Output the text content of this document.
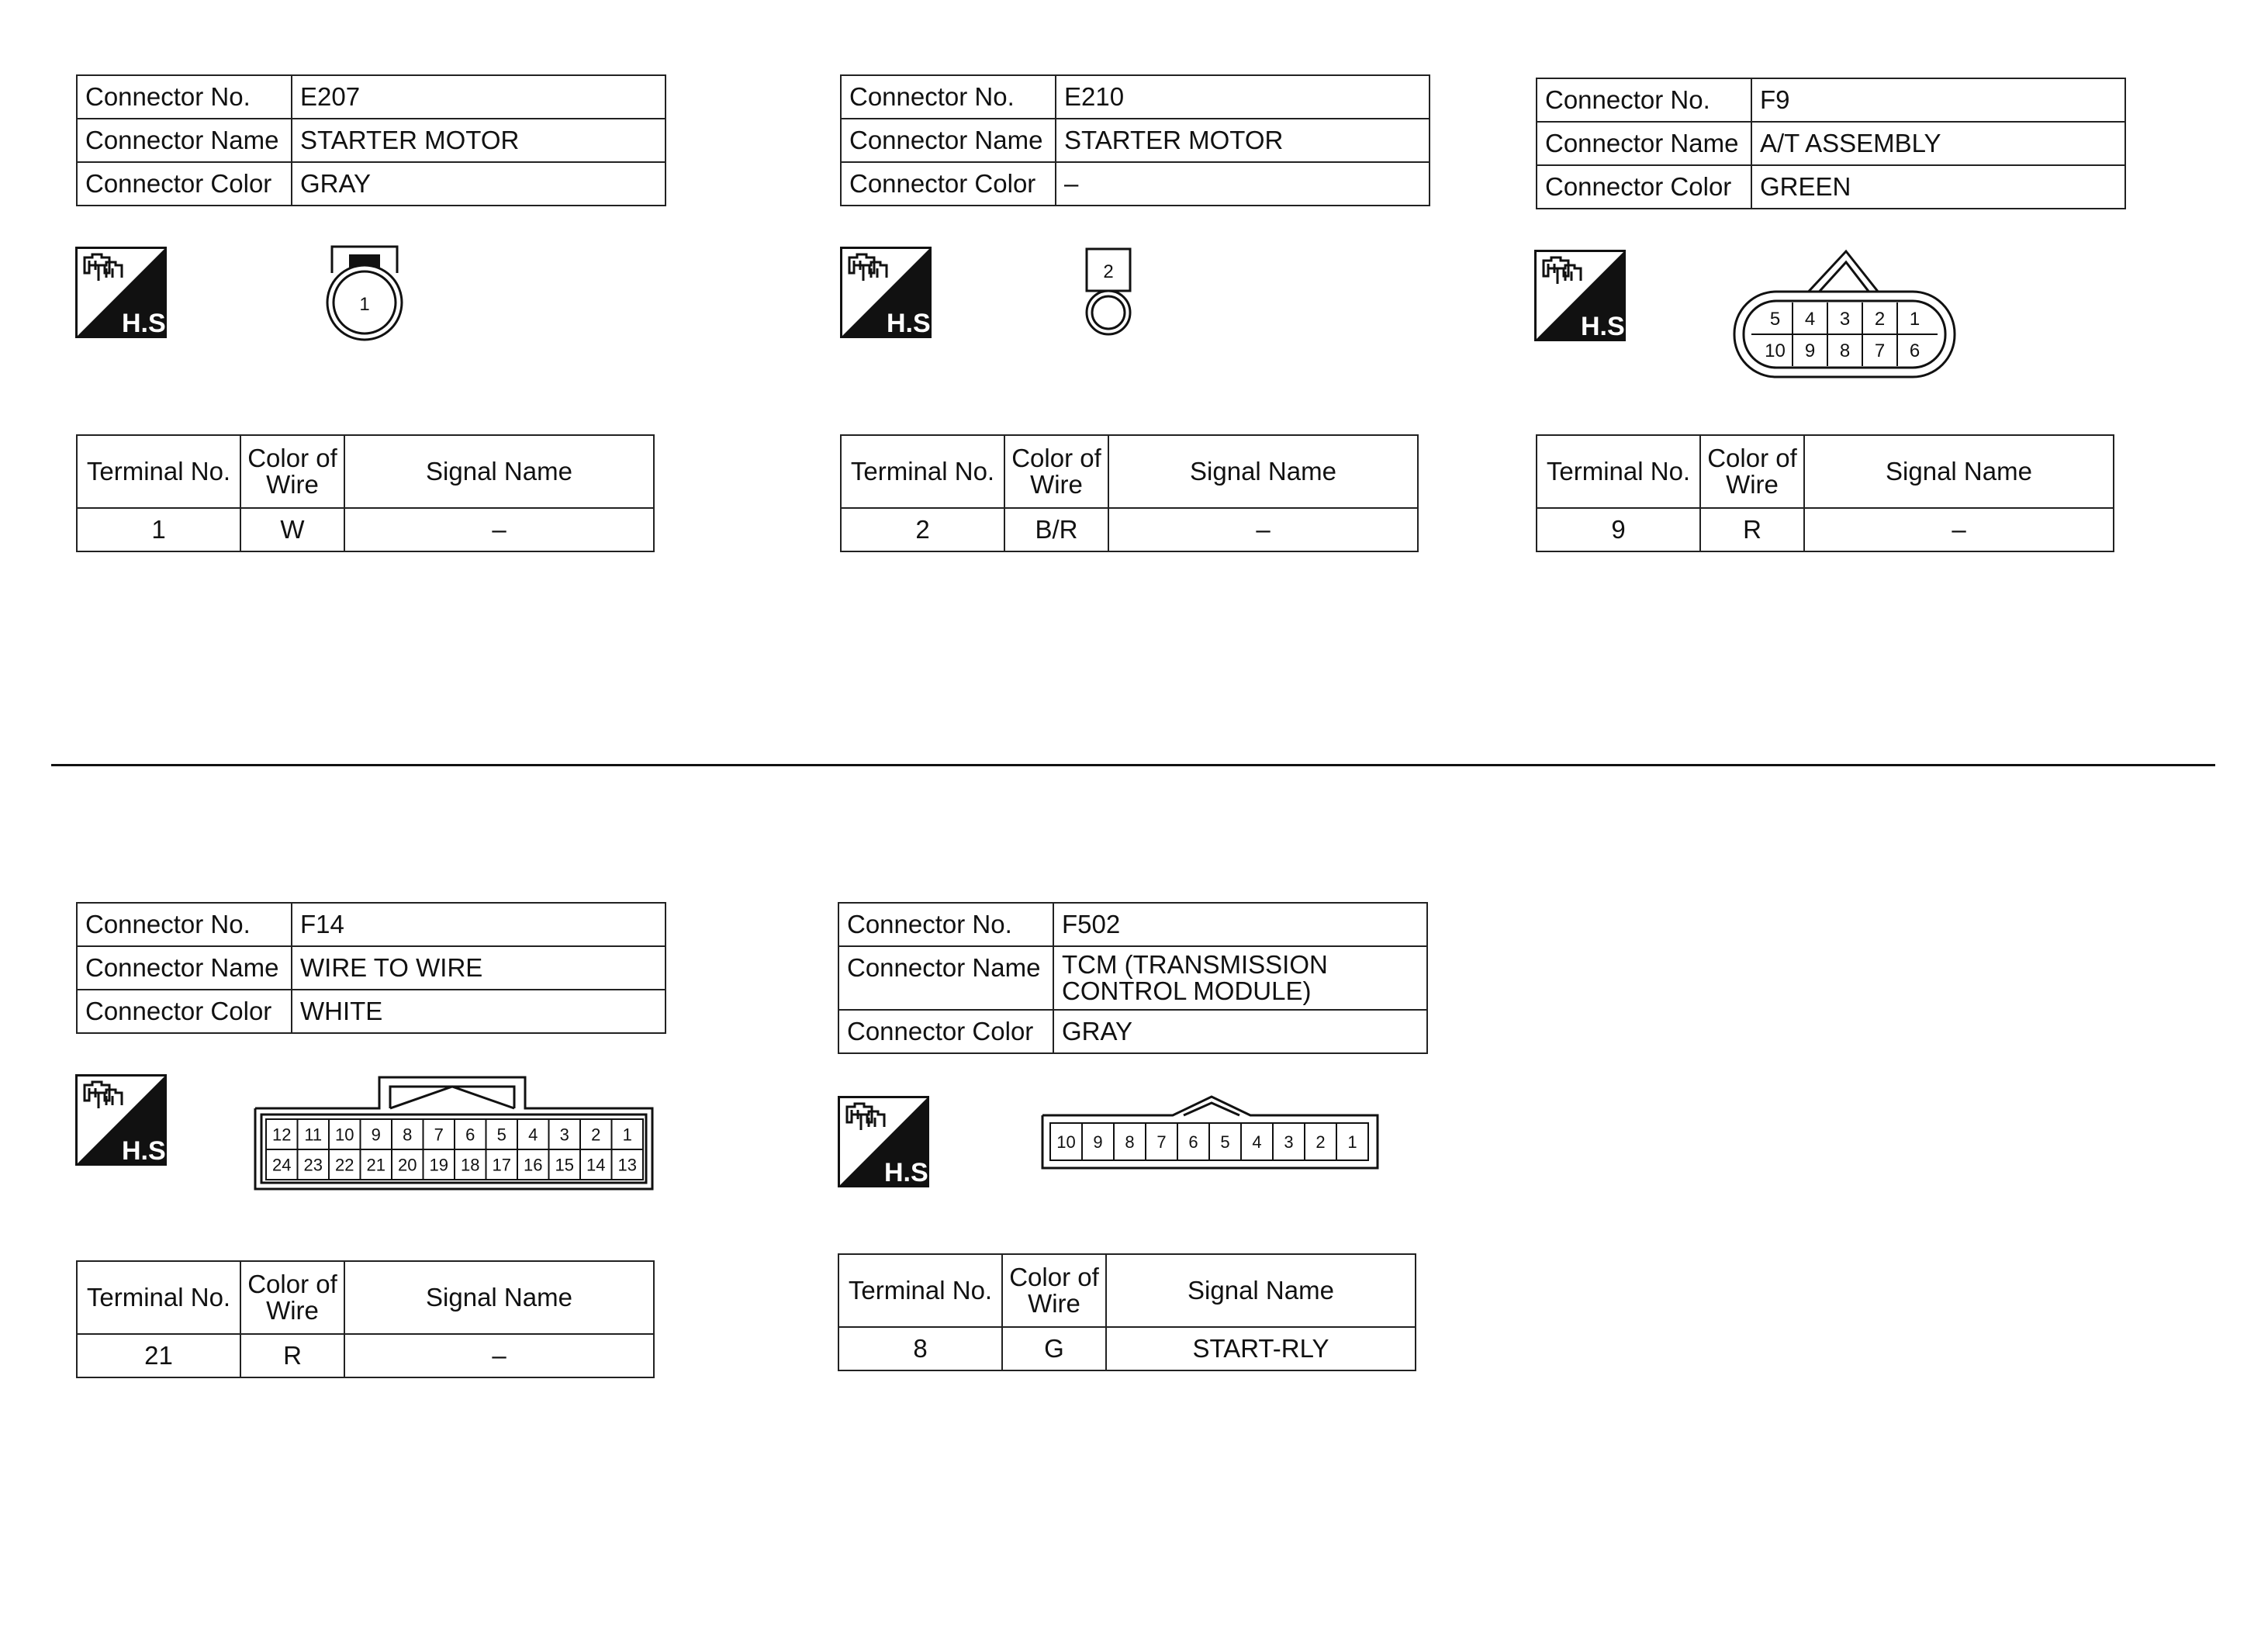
Connector No.	E207
Connector Name	STARTER MOTOR
Connector Color	GRAY
H.S.
1
Terminal No.	Color of Wire	Signal Name
1	W	–
Connector No.	E210
Connector Name	STARTER MOTOR
Connector Color	–
H.S.
2
Terminal No.	Color of Wire	Signal Name
2	B/R	–
Connector No.	F9
Connector Name	A/T ASSEMBLY
Connector Color	GREEN
H.S.	5 4 3 2 1
10 9 8 7 6
Terminal No.	Color of Wire	Signal Name
9	R	–
Connector No.	F14
Connector Name	WIRE TO WIRE
Connector Color	WHITE
H.S.
12 11 10 9 8 7 6 5 4 3 2 1
24 23 22 21 20 19 18 17 16 15 14 13
Terminal No.	Color of Wire	Signal Name
21	R	–
Connector No.	F502
Connector Name	TCM (TRANSMISSION
CONTROL MODULE)
Connector Color	GRAY
H.S.
10 9 8 7 6 5 4 3 2 1
Terminal No.	Color of Wire	Signal Name
8	G	START-RLY
